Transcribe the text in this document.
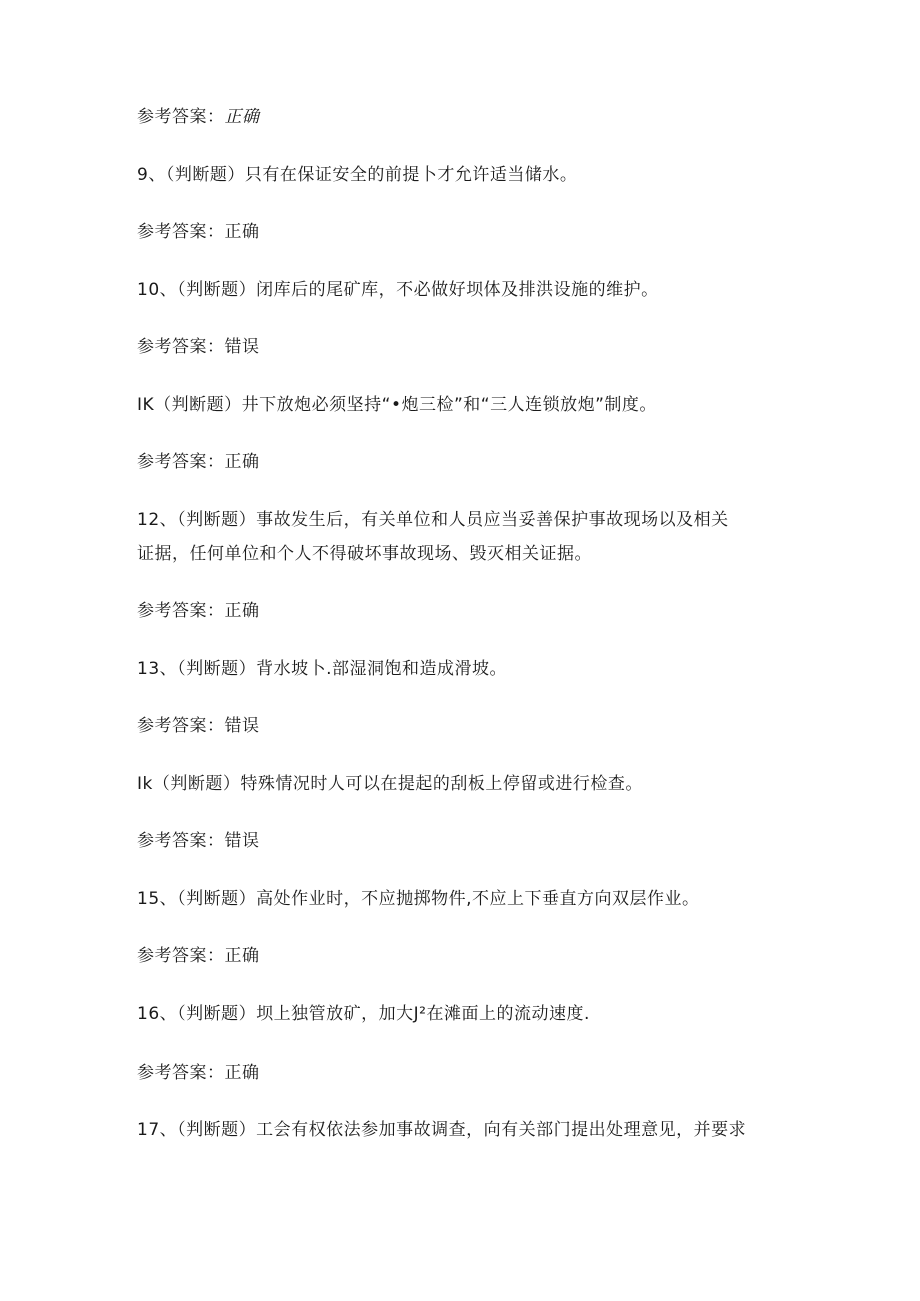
参考答案：正确
9、（判断题）只有在保证安全的前提卜才允许适当储水。
参考答案：正确
10、（判断题）闭库后的尾矿库，不必做好坝体及排洪设施的维护。
参考答案：错误
IK（判断题）井下放炮必须坚持“•炮三检”和“三人连锁放炮”制度。
参考答案：正确
12、（判断题）事故发生后，有关单位和人员应当妥善保护事故现场以及相关
证据，任何单位和个人不得破坏事故现场、毁灭相关证据。
参考答案：正确
13、（判断题）背水坡卜.部湿洞饱和造成滑坡。
参考答案：错误
Ik（判断题）特殊情况时人可以在提起的刮板上停留或进行检查。
参考答案：错误
15、（判断题）高处作业时，不应抛掷物件,不应上下垂直方向双层作业。
参考答案：正确
16、（判断题）坝上独管放矿，加大J²在滩面上的流动速度.
参考答案：正确
17、（判断题）工会有权依法参加事故调查，向有关部门提出处理意见，并要求
